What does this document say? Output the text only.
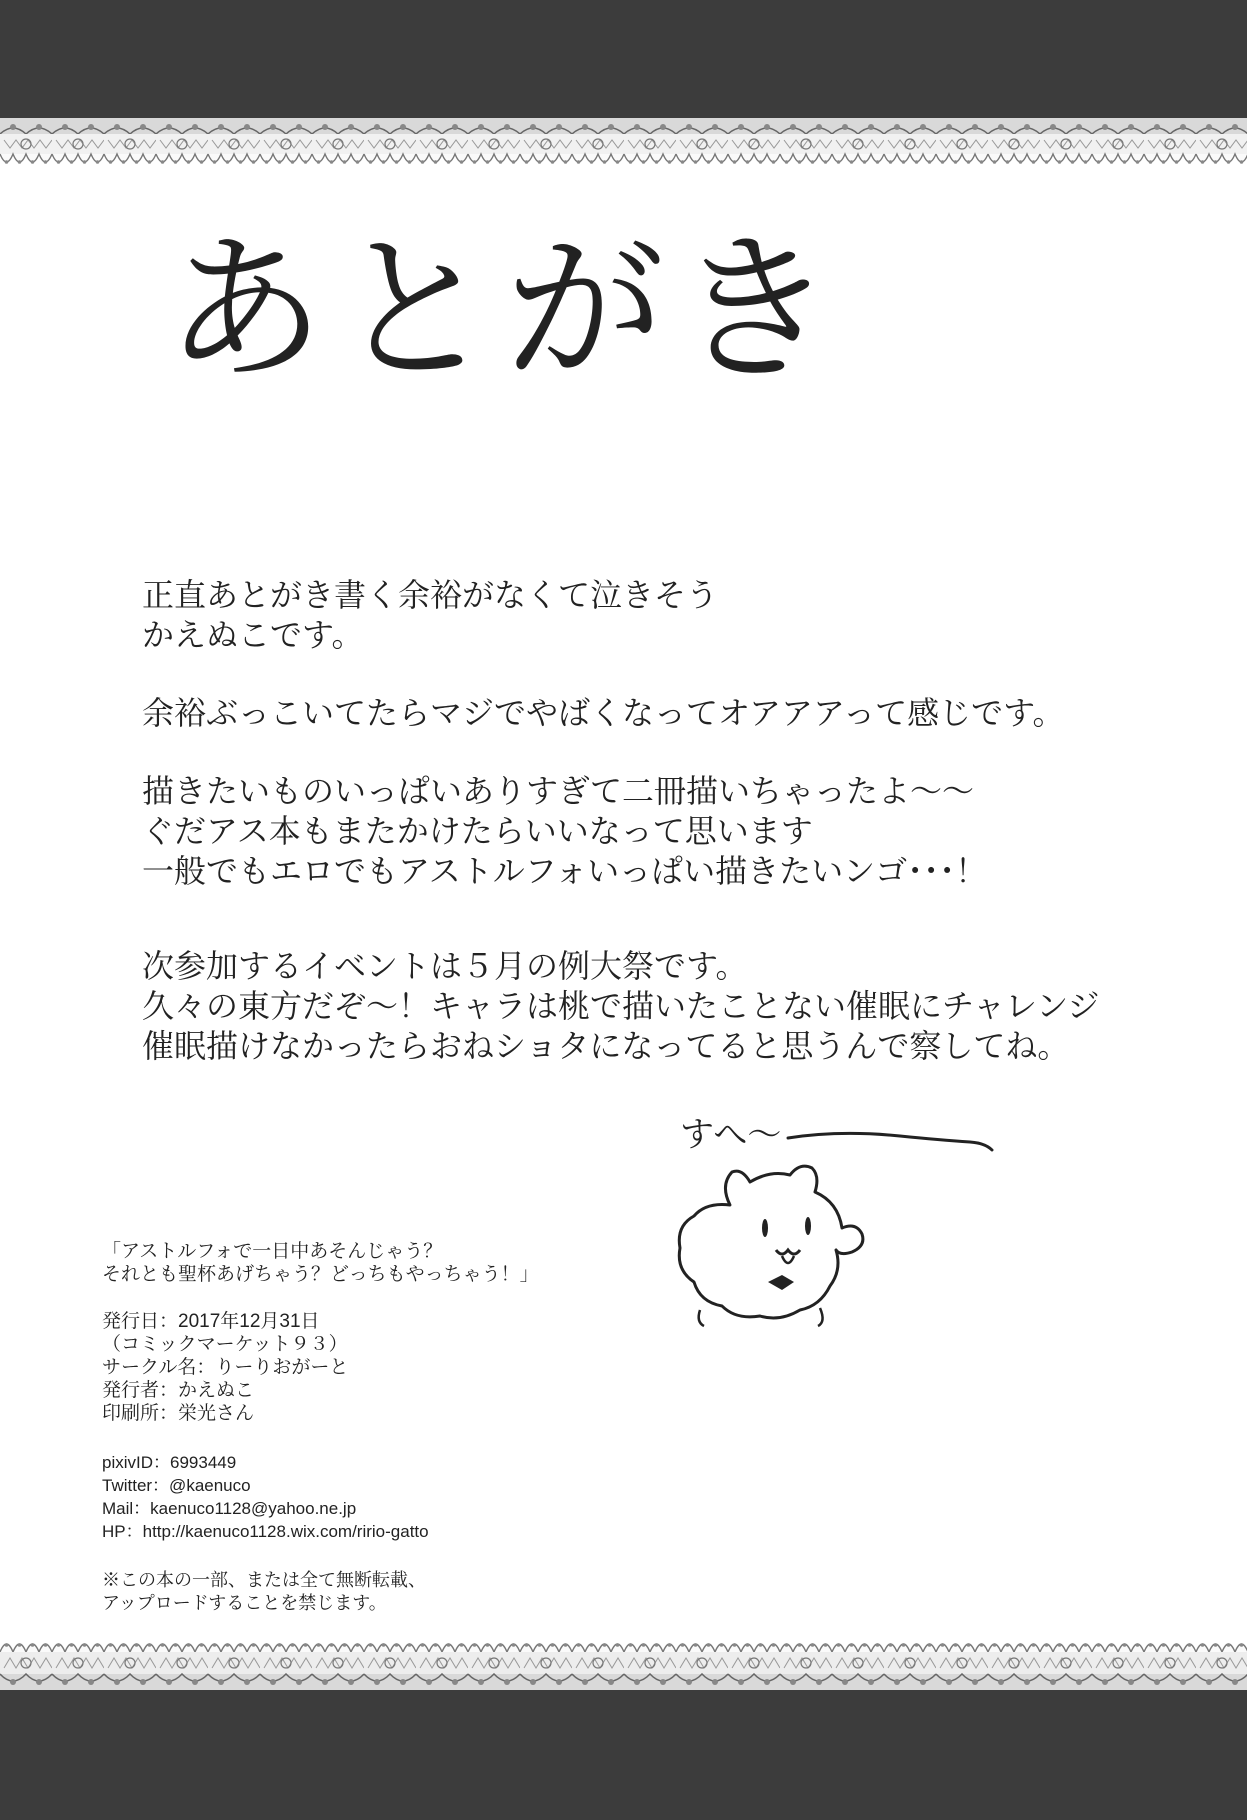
あとがき

正直あとがき書く余裕がなくて泣きそう
かえぬこです。

余裕ぶっこいてたらマジでやばくなってオアアアって感じです。

描きたいものいっぱいありすぎて二冊描いちゃったよ～～
ぐだアス本もまたかけたらいいなって思います
一般でもエロでもアストルフォいっぱい描きたいンゴ･･･！

次参加するイベントは５月の例大祭です。
久々の東方だぞ～！キャラは桃で描いたことない催眠にチャレンジ
催眠描けなかったらおねショタになってると思うんで察してね。

すへ～
「アストルフォで一日中あそんじゃう？
それとも聖杯あげちゃう？どっちもやっちゃう！」
発行日：2017年12月31日
（コミックマーケット９３）
サークル名：りーりおがーと
発行者：かえぬこ
印刷所：栄光さん
pixivID：6993449
Twitter：@kaenuco
Mail：kaenuco1128@yahoo.ne.jp
HP：http://kaenuco1128.wix.com/ririo-gatto
※この本の一部、または全て無断転載、
アップロードすることを禁じます。
